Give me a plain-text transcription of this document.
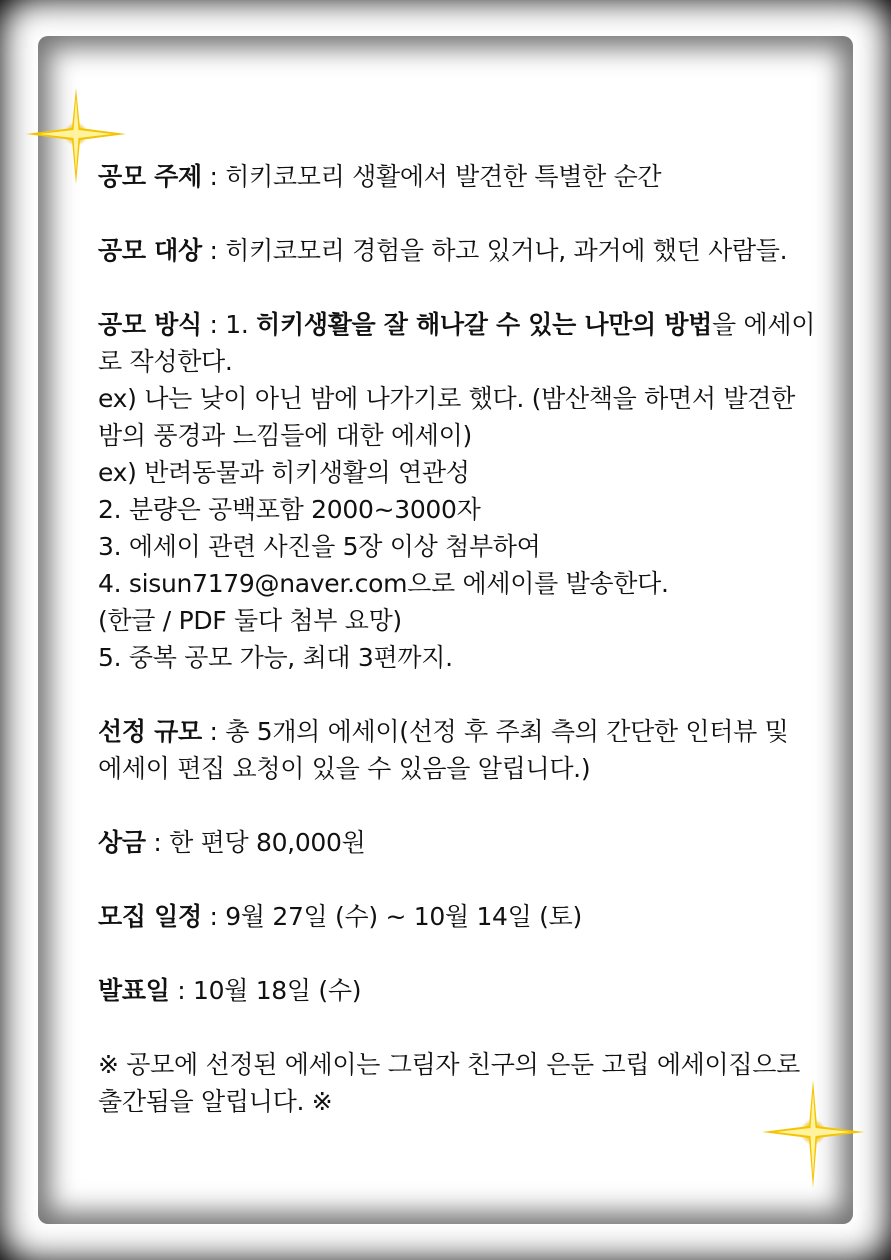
공모 주제 : 히키코모리 생활에서 발견한 특별한 순간

공모 대상 : 히키코모리 경험을 하고 있거나, 과거에 했던 사람들.

공모 방식 : 1. 히키생활을 잘 해나갈 수 있는 나만의 방법을 에세이로 작성한다.
ex) 나는 낮이 아닌 밤에 나가기로 했다. (밤산책을 하면서 발견한 밤의 풍경과 느낌들에 대한 에세이)
ex) 반려동물과 히키생활의 연관성
2. 분량은 공백포함 2000~3000자
3. 에세이 관련 사진을 5장 이상 첨부하여
4. sisun7179@naver.com으로 에세이를 발송한다.
(한글 / PDF 둘다 첨부 요망)
5. 중복 공모 가능, 최대 3편까지.

선정 규모 : 총 5개의 에세이(선정 후 주최 측의 간단한 인터뷰 및 에세이 편집 요청이 있을 수 있음을 알립니다.)

상금 : 한 편당 80,000원

모집 일정 : 9월 27일 (수) ~ 10월 14일 (토)

발표일 : 10월 18일 (수)

※ 공모에 선정된 에세이는 그림자 친구의 은둔 고립 에세이집으로 출간됨을 알립니다. ※
